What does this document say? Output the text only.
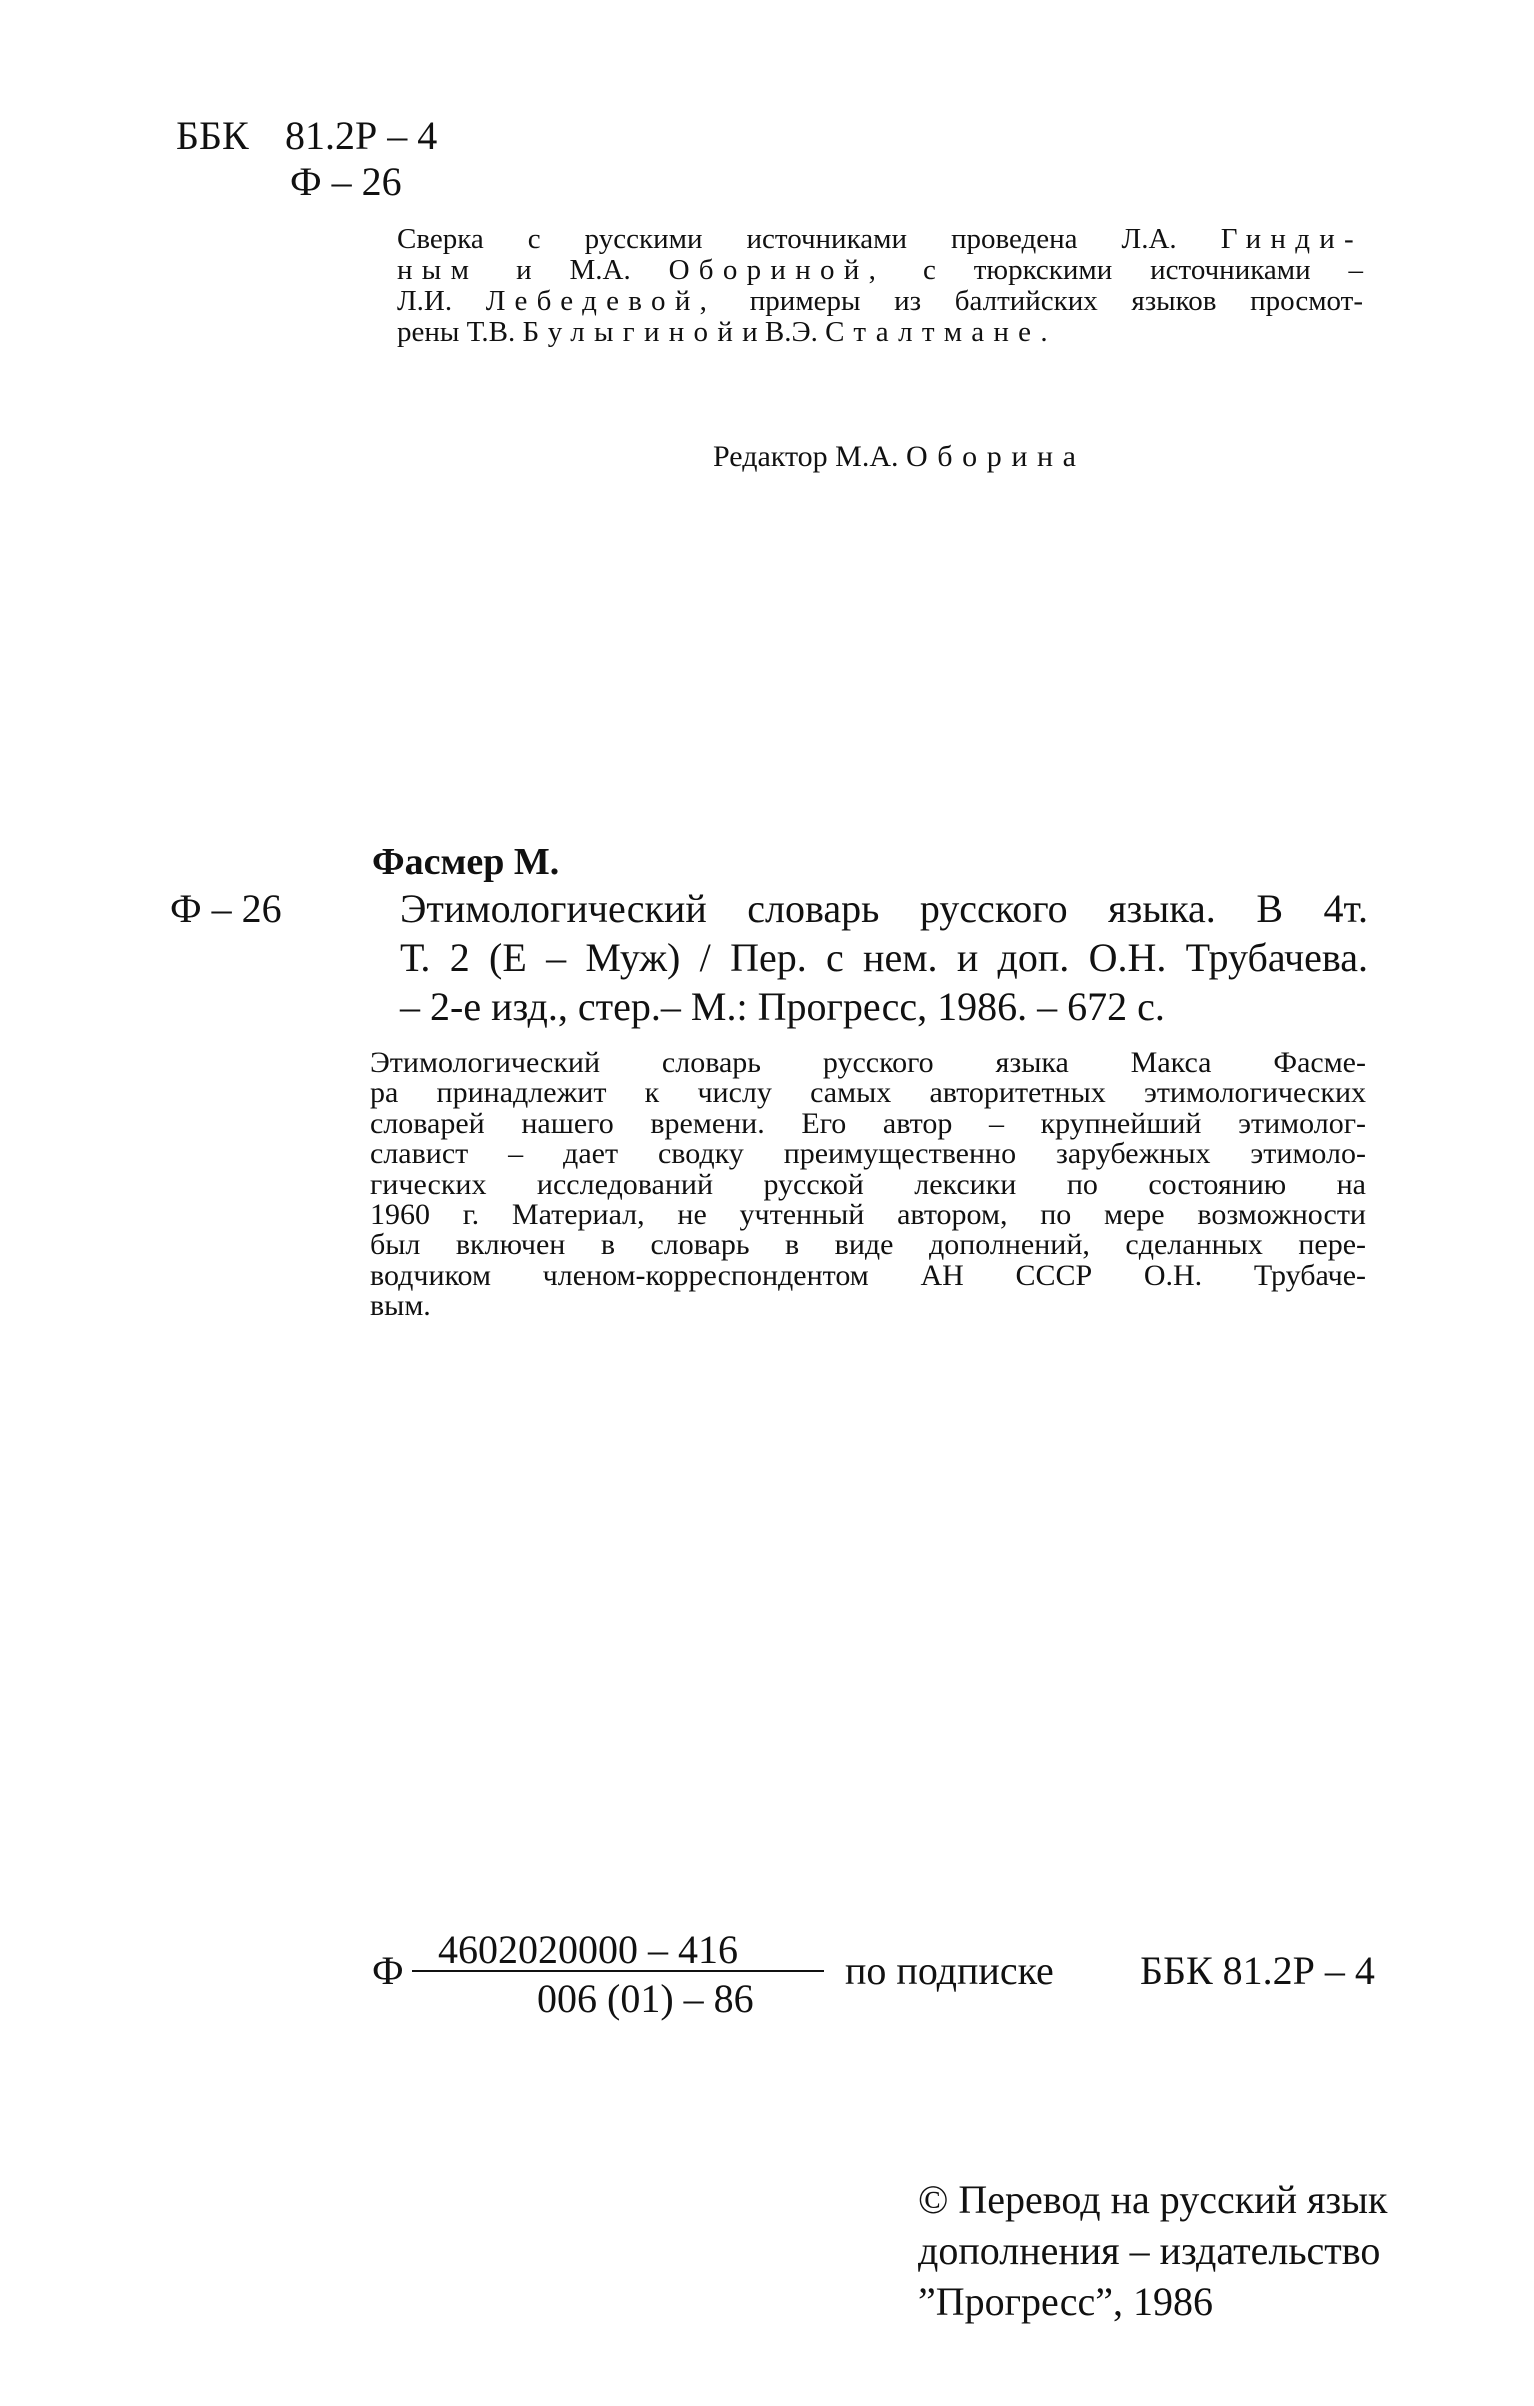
ББК 81.2Р – 4
Ф – 26
Сверка с русскими источниками проведена Л.А. Гинди-
ным и М.А. Обориной, с тюркскими источниками –
Л.И. Лебедевой, примеры из балтийских языков просмот-
рены Т.В. Булыгинойи В.Э. Сталтмане.
Редактор М.А. Оборина
Фасмер М.
Ф – 26	Этимологический словарь русского языка. В 4т.
Т. 2 (Е – Муж) / Пер. с нем. и доп. О.Н. Трубачева.
– 2-е изд., стер.– М.: Прогресс, 1986. – 672 с.
Этимологический словарь русского языка Макса Фасме-
ра принадлежит к числу самых авторитетных этимологических
словарей нашего времени. Его автор – крупнейший этимолог-
славист – дает сводку преимущественно зарубежных этимоло-
гических исследований русской лексики по состоянию на
1960 г. Материал, не учтенный автором, по мере возможности
был включен в словарь в виде дополнений, сделанных пере-
водчиком членом-корреспондентом АН СССР О.Н. Трубаче-
вым.
Ф 4602020000 – 416
006 (01) – 86
по подписке ББК 81.2Р – 4
© Перевод на русский язык
дополнения – издательство
”Прогресс”, 1986
